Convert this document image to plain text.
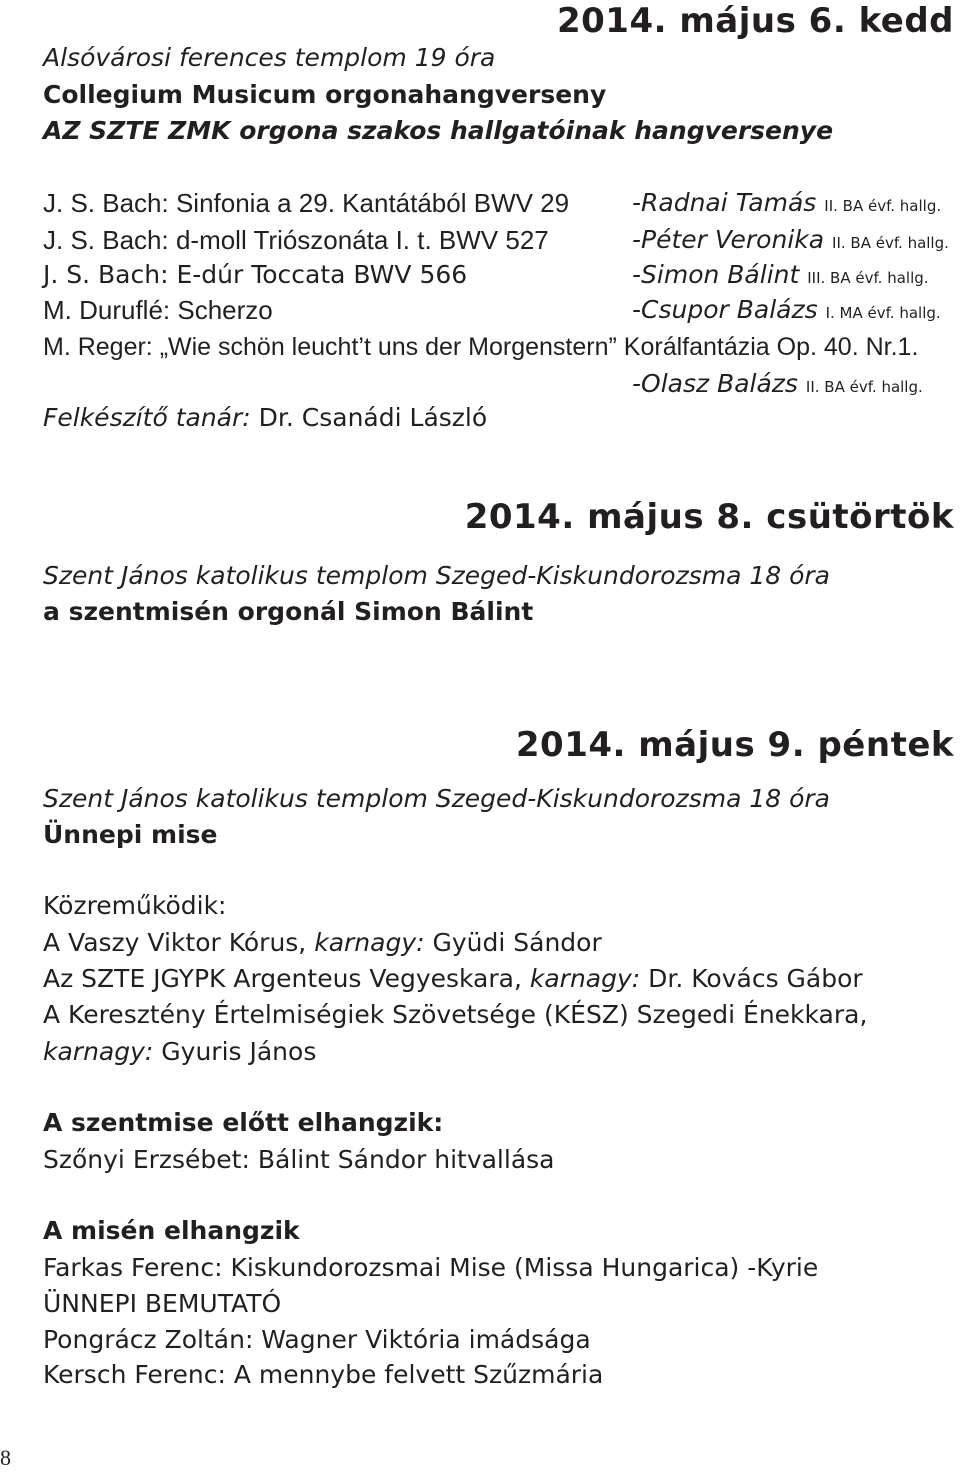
2014. május 6. kedd
Alsóvárosi ferences templom 19 óra
Collegium Musicum orgonahangverseny
AZ SZTE ZMK orgona szakos hallgatóinak hangversenye
J. S. Bach: Sinfonia a 29. Kantátából BWV 29	-Radnai Tamás II. BA évf. hallg.
J. S. Bach: d-moll Triószonáta I. t. BWV 527	-Péter Veronika II. BA évf. hallg.
J. S. Bach: E-dúr Toccata BWV 566	-Simon Bálint III. BA évf. hallg.
M. Duruflé: Scherzo	-Csupor Balázs I. MA évf. hallg.
M. Reger: „Wie schön leucht’t uns der Morgenstern” Korálfantázia Op. 40. Nr.1.
-Olasz Balázs II. BA évf. hallg.
Felkészítő tanár: Dr. Csanádi László
2014. május 8. csütörtök
Szent János katolikus templom Szeged-Kiskundorozsma 18 óra
a szentmisén orgonál Simon Bálint
2014. május 9. péntek
Szent János katolikus templom Szeged-Kiskundorozsma 18 óra
Ünnepi mise
Közreműködik:
A Vaszy Viktor Kórus, karnagy: Gyüdi Sándor
Az SZTE JGYPK Argenteus Vegyeskara, karnagy: Dr. Kovács Gábor
A Keresztény Értelmiségiek Szövetsége (KÉSZ) Szegedi Énekkara,
karnagy: Gyuris János
A szentmise előtt elhangzik:
Szőnyi Erzsébet: Bálint Sándor hitvallása
A misén elhangzik
Farkas Ferenc: Kiskundorozsmai Mise (Missa Hungarica) -Kyrie
ÜNNEPI BEMUTATÓ
Pongrácz Zoltán: Wagner Viktória imádsága
Kersch Ferenc: A mennybe felvett Szűzmária
8
